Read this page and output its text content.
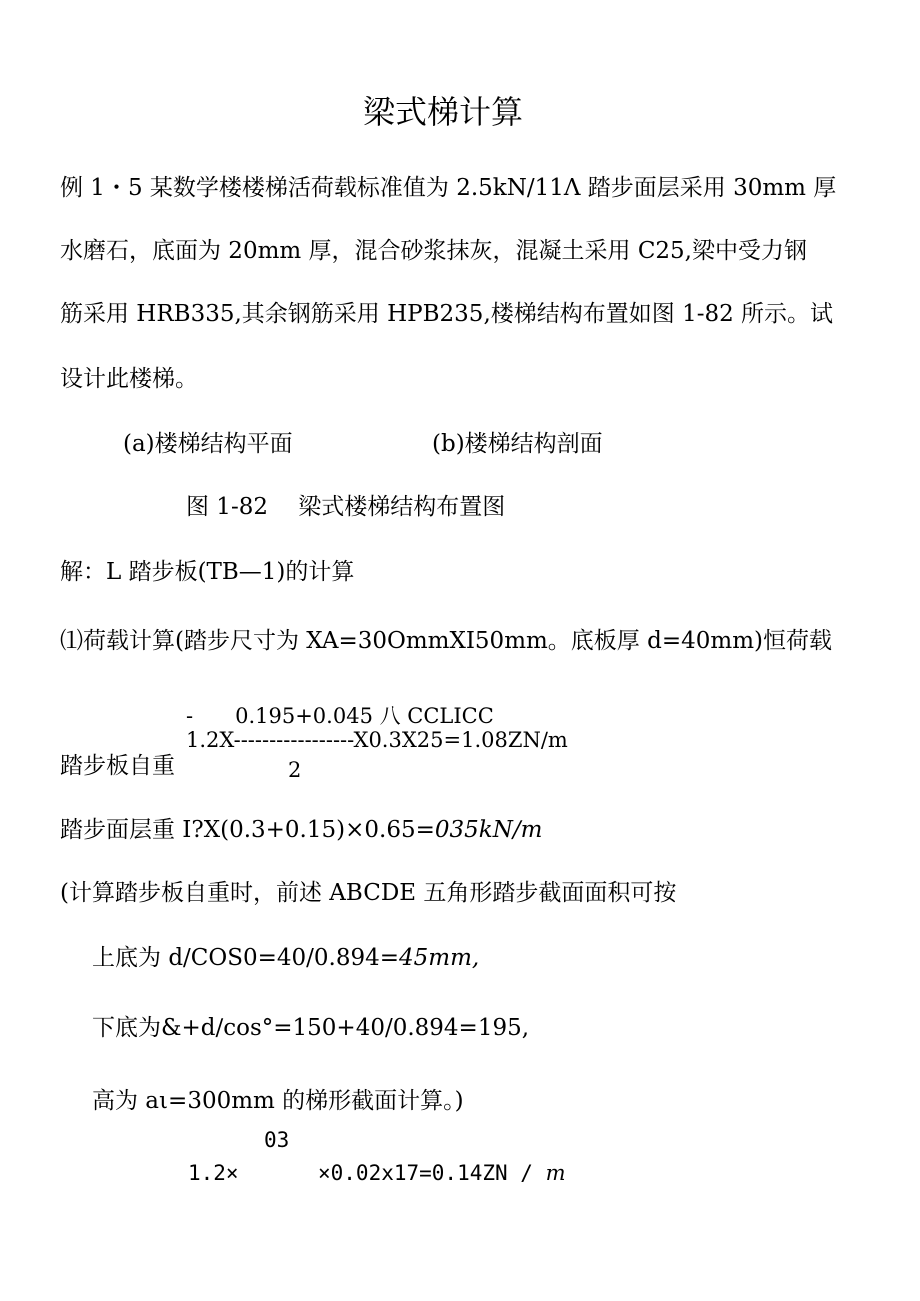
梁式梯计算
例 1・5 某数学楼楼梯活荷载标准值为 2.5kN/11Λ 踏步面层采用 30mm 厚
水磨石，底面为 20mm 厚，混合砂浆抹灰，混凝土采用 C25,梁中受力钢
筋采用 HRB335,其余钢筋采用 HPB235,楼梯结构布置如图 1-82 所示。试
设计此楼梯。
(a)楼梯结构平面	(b)楼梯结构剖面
图 1-82　 梁式楼梯结构布置图
解：L 踏步板(TB—1)的计算
⑴荷载计算(踏步尺寸为 XA=30OmmXI50mm。底板厚 d=40mm)恒荷载
-　　0.195+0.045 八 CCLICC
1.2X-----------------X0.3X25=1.08ZN∕m
踏步板自重	2
踏步面层重 I?X(0.3+0.15)×0.65=035kN∕m
(计算踏步板自重时，前述 ABCDE 五角形踏步截面面积可按
上底为 d/COS0=40/0.894=45mm,
下底为&+d∕cos°=150+40/0.894=195,
高为 aι=300mm 的梯形截面计算。)
03
1.2×	×0.02x17=0.14ZN / m
